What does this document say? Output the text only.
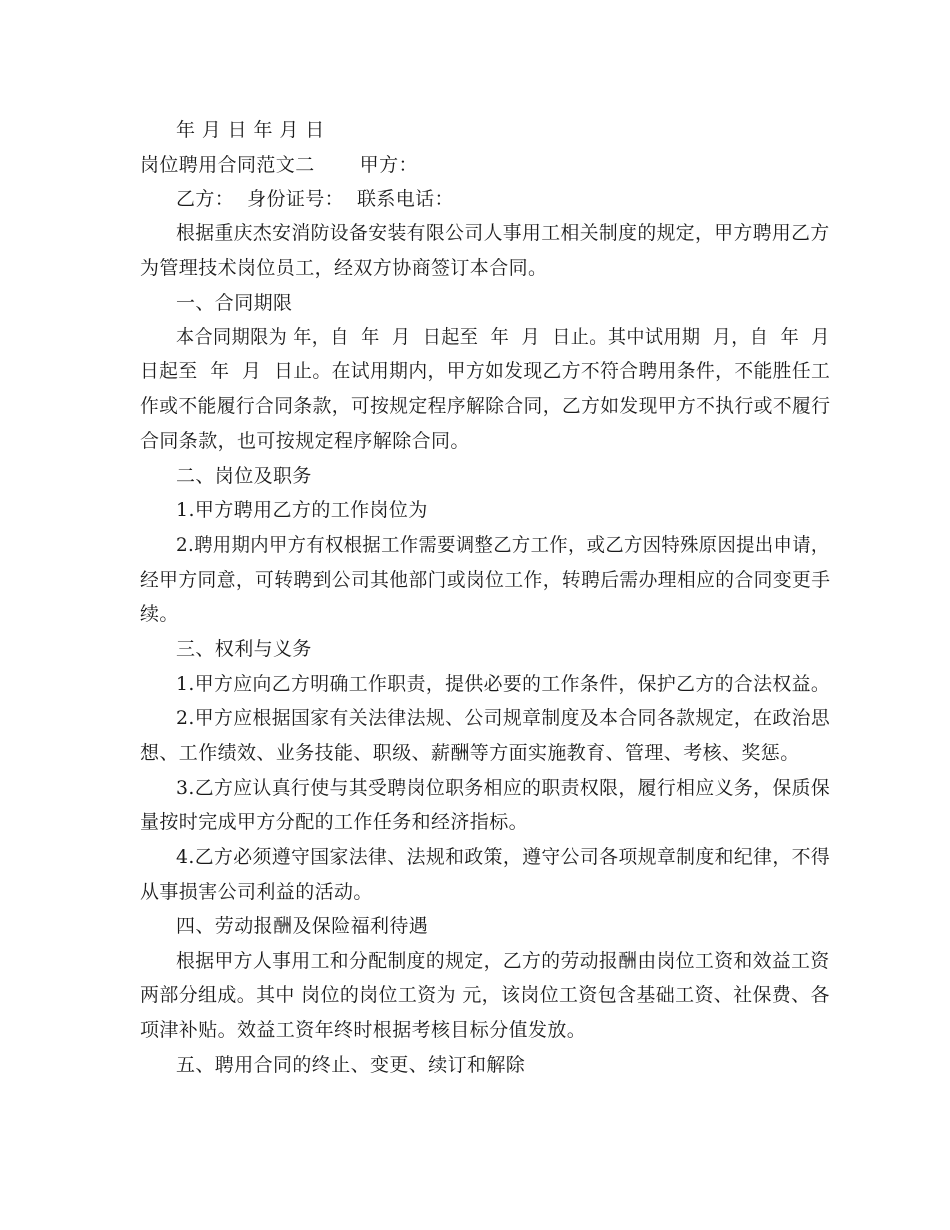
年 月 日 年 月 日
岗位聘用合同范文二       甲方：
乙方：  身份证号：  联系电话：
根据重庆杰安消防设备安装有限公司人事用工相关制度的规定，甲方聘用乙方
为管理技术岗位员工，经双方协商签订本合同。
一、合同期限
本合同期限为 年，自  年  月  日起至  年  月  日止。其中试用期  月，自  年  月
日起至  年  月  日止。在试用期内，甲方如发现乙方不符合聘用条件，不能胜任工
作或不能履行合同条款，可按规定程序解除合同，乙方如发现甲方不执行或不履行
合同条款，也可按规定程序解除合同。
二、岗位及职务
1.甲方聘用乙方的工作岗位为
2.聘用期内甲方有权根据工作需要调整乙方工作，或乙方因特殊原因提出申请，
经甲方同意，可转聘到公司其他部门或岗位工作，转聘后需办理相应的合同变更手
续。
三、权利与义务
1.甲方应向乙方明确工作职责，提供必要的工作条件，保护乙方的合法权益。
2.甲方应根据国家有关法律法规、公司规章制度及本合同各款规定，在政治思
想、工作绩效、业务技能、职级、薪酬等方面实施教育、管理、考核、奖惩。
3.乙方应认真行使与其受聘岗位职务相应的职责权限，履行相应义务，保质保
量按时完成甲方分配的工作任务和经济指标。
4.乙方必须遵守国家法律、法规和政策，遵守公司各项规章制度和纪律，不得
从事损害公司利益的活动。
四、劳动报酬及保险福利待遇
根据甲方人事用工和分配制度的规定，乙方的劳动报酬由岗位工资和效益工资
两部分组成。其中 岗位的岗位工资为 元，该岗位工资包含基础工资、社保费、各
项津补贴。效益工资年终时根据考核目标分值发放。
五、聘用合同的终止、变更、续订和解除
